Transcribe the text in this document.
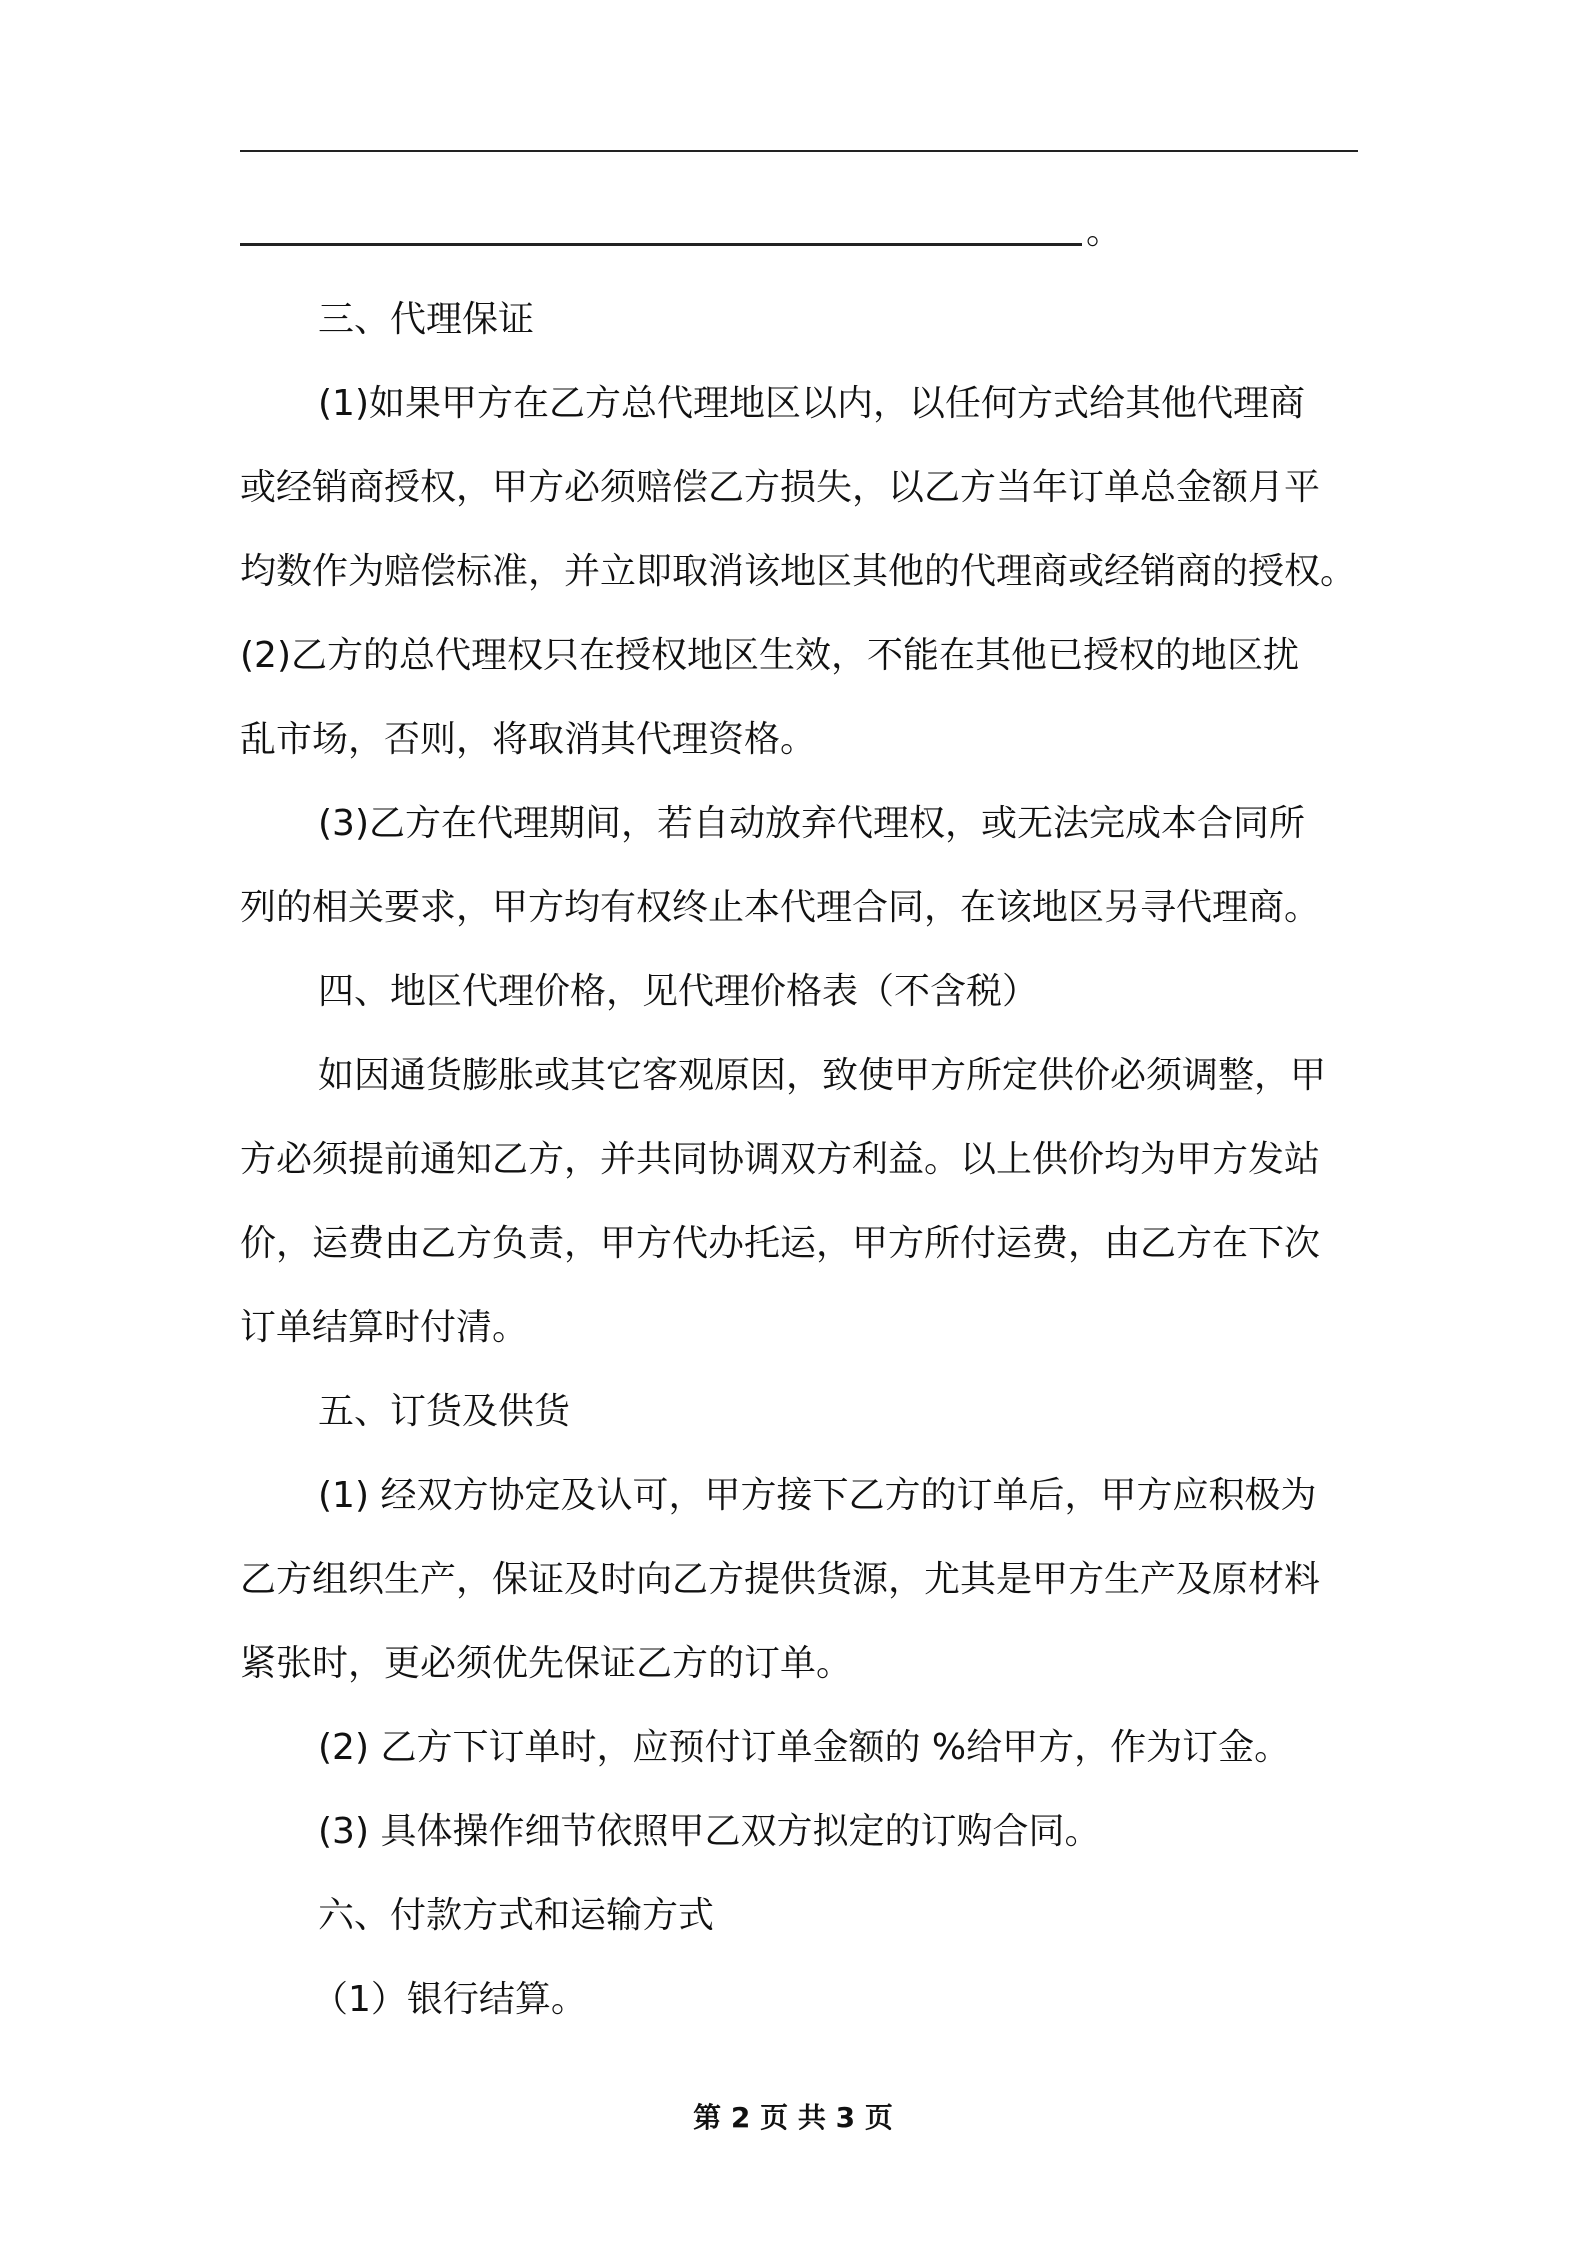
。

三、代理保证

(1)如果甲方在乙方总代理地区以内，以任何方式给其他代理商

或经销商授权，甲方必须赔偿乙方损失，以乙方当年订单总金额月平

均数作为赔偿标准，并立即取消该地区其他的代理商或经销商的授权。

(2)乙方的总代理权只在授权地区生效，不能在其他已授权的地区扰

乱市场，否则，将取消其代理资格。

(3)乙方在代理期间，若自动放弃代理权，或无法完成本合同所

列的相关要求，甲方均有权终止本代理合同，在该地区另寻代理商。

四、地区代理价格，见代理价格表（不含税）

如因通货膨胀或其它客观原因，致使甲方所定供价必须调整，甲

方必须提前通知乙方，并共同协调双方利益。以上供价均为甲方发站

价，运费由乙方负责，甲方代办托运，甲方所付运费，由乙方在下次

订单结算时付清。

五、订货及供货

(1) 经双方协定及认可，甲方接下乙方的订单后，甲方应积极为

乙方组织生产，保证及时向乙方提供货源，尤其是甲方生产及原材料

紧张时，更必须优先保证乙方的订单。

(2) 乙方下订单时，应预付订单金额的 %给甲方，作为订金。

(3) 具体操作细节依照甲乙双方拟定的订购合同。

六、付款方式和运输方式

（1）银行结算。

第 2 页 共 3 页
